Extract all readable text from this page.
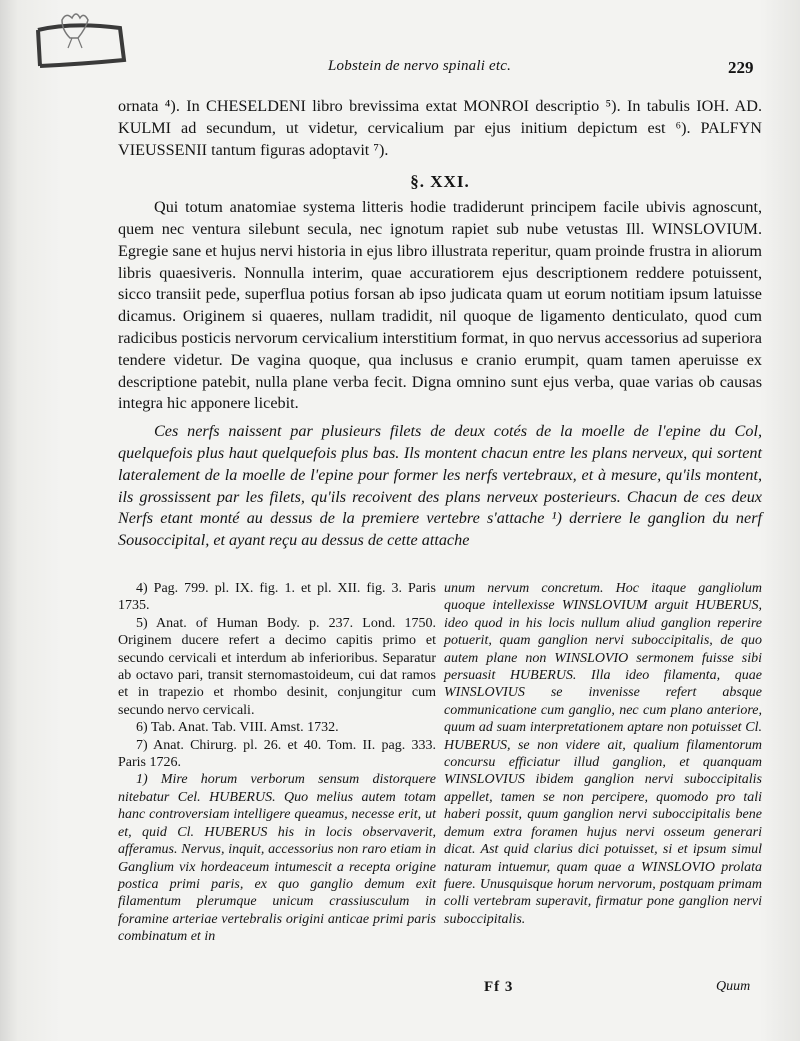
Lobstein de nervo spinali etc.	229

ornata ⁴). In CHESELDENI libro brevissima extat MONROI descriptio ⁵). In tabulis IOH. AD. KULMI ad secundum, ut videtur, cervicalium par ejus initium depictum est ⁶). PALFYN VIEUSSENII tantum figuras adoptavit ⁷).

§. XXI.

Qui totum anatomiae systema litteris hodie tradiderunt principem facile ubivis agnoscunt, quem nec ventura silebunt secula, nec ignotum rapiet sub nube vetustas Ill. WINSLOVIUM. Egregie sane et hujus nervi historia in ejus libro illustrata reperitur, quam proinde frustra in aliorum libris quaesiveris. Nonnulla interim, quae accuratiorem ejus descriptionem reddere potuissent, sicco transiit pede, superflua potius forsan ab ipso judicata quam ut eorum notitiam ipsum latuisse dicamus. Originem si quaeres, nullam tradidit, nil quoque de ligamento denticulato, quod cum radicibus posticis nervorum cervicalium interstitium format, in quo nervus accessorius ad superiora tendere videtur. De vagina quoque, qua inclusus e cranio erumpit, quam tamen aperuisse ex descriptione patebit, nulla plane verba fecit. Digna omnino sunt ejus verba, quae varias ob causas integra hic apponere licebit.

Ces nerfs naissent par plusieurs filets de deux cotés de la moelle de l'epine du Col, quelquefois plus haut quelquefois plus bas. Ils montent chacun entre les plans nerveux, qui sortent lateralement de la moelle de l'epine pour former les nerfs vertebraux, et à mesure, qu'ils montent, ils grossissent par les filets, qu'ils recoivent des plans nerveux posterieurs. Chacun de ces deux Nerfs etant monté au dessus de la premiere vertebre s'attache ¹) derriere le ganglion du nerf Sousoccipital, et ayant reçu au dessus de cette attache

4) Pag. 799. pl. IX. fig. 1. et pl. XII. fig. 3. Paris 1735.

5) Anat. of Human Body. p. 237. Lond. 1750. Originem ducere refert a decimo capitis primo et secundo cervicali et interdum ab inferioribus. Separatur ab octavo pari, transit sternomastoideum, cui dat ramos et in trapezio et rhombo desinit, conjungitur cum secundo nervo cervicali.

6) Tab. Anat. Tab. VIII. Amst. 1732.

7) Anat. Chirurg. pl. 26. et 40. Tom. II. pag. 333. Paris 1726.

1) Mire horum verborum sensum distorquere nitebatur Cel. HUBERUS. Quo melius autem totam hanc controversiam intelligere queamus, necesse erit, ut et, quid Cl. HUBERUS his in locis observaverit, afferamus. Nervus, inquit, accessorius non raro etiam in Ganglium vix hordeaceum intumescit a recepta origine postica primi paris, ex quo ganglio demum exit filamentum plerumque unicum crassiusculum in foramine arteriae vertebralis origini anticae primi paris combinatum et in

unum nervum concretum. Hoc itaque gangliolum quoque intellexisse WINSLOVIUM arguit HUBERUS, ideo quod in his locis nullum aliud ganglion reperire potuerit, quam ganglion nervi suboccipitalis, de quo autem plane non WINSLOVIO sermonem fuisse sibi persuasit HUBERUS. Illa ideo filamenta, quae WINSLOVIUS se invenisse refert absque communicatione cum ganglio, nec cum plano anteriore, quum ad suam interpretationem aptare non potuisset Cl. HUBERUS, se non videre ait, qualium filamentorum concursu efficiatur illud ganglion, et quanquam WINSLOVIUS ibidem ganglion nervi suboccipitalis appellet, tamen se non percipere, quomodo pro tali haberi possit, quum ganglion nervi suboccipitalis bene demum extra foramen hujus nervi osseum generari dicat. Ast quid clarius dici potuisset, si et ipsum simul naturam intuemur, quam quae a WINSLOVIO prolata fuere. Unusquisque horum nervorum, postquam primam colli vertebram superavit, firmatur pone ganglion nervi suboccipitalis.

Ff 3	Quum
